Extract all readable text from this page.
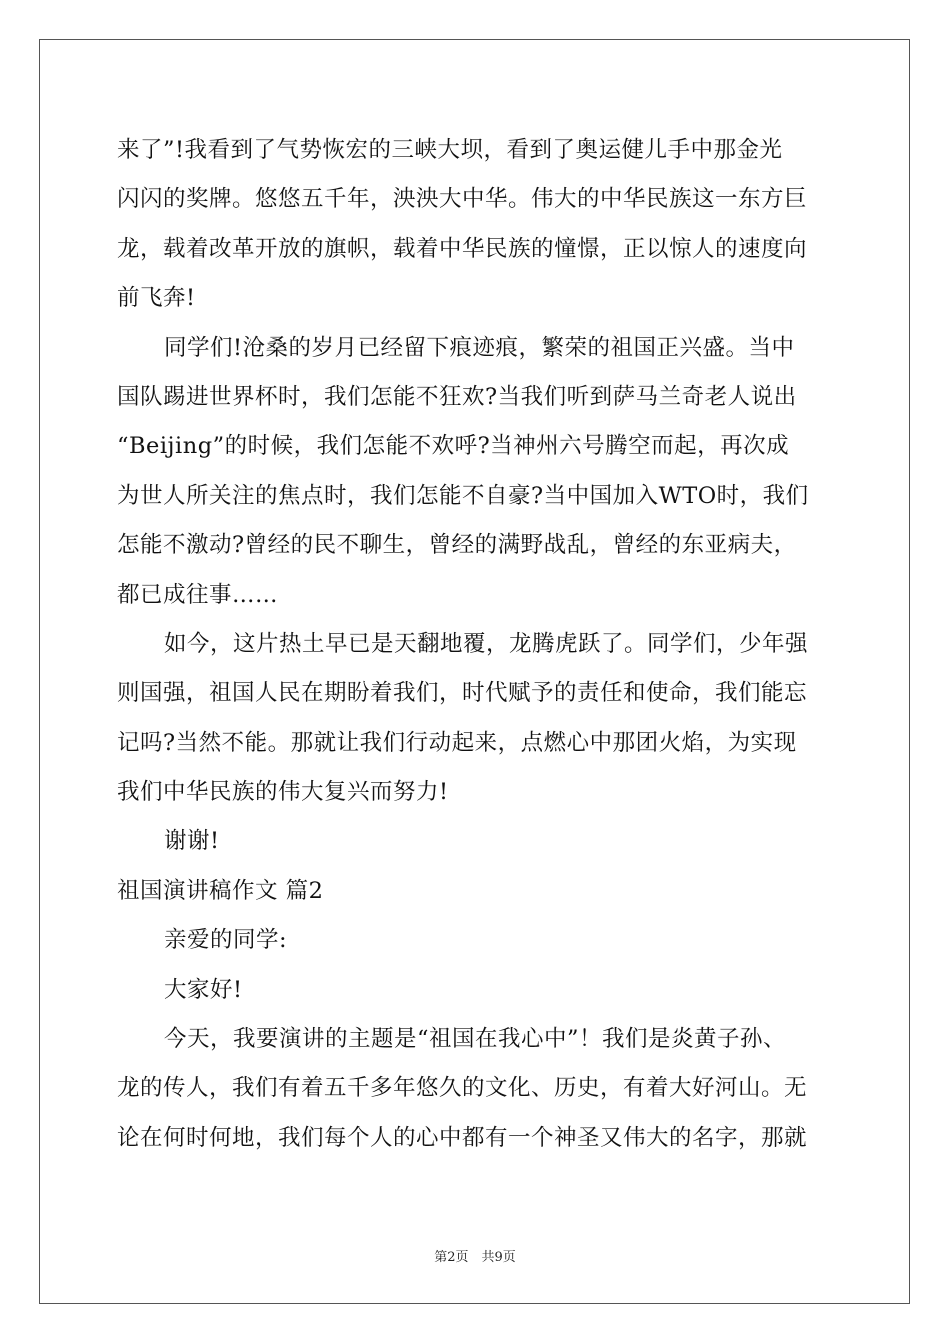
来了”!我看到了气势恢宏的三峡大坝，看到了奥运健儿手中那金光
闪闪的奖牌。悠悠五千年，泱泱大中华。伟大的中华民族这一东方巨
龙，载着改革开放的旗帜，载着中华民族的憧憬，正以惊人的速度向
前飞奔!
同学们!沧桑的岁月已经留下痕迹痕，繁荣的祖国正兴盛。当中
国队踢进世界杯时，我们怎能不狂欢?当我们听到萨马兰奇老人说出
“Beijing”的时候，我们怎能不欢呼?当神州六号腾空而起，再次成
为世人所关注的焦点时，我们怎能不自豪?当中国加入WTO时，我们
怎能不激动?曾经的民不聊生，曾经的满野战乱，曾经的东亚病夫，
都已成往事……
如今，这片热土早已是天翻地覆，龙腾虎跃了。同学们，少年强
则国强，祖国人民在期盼着我们，时代赋予的责任和使命，我们能忘
记吗?当然不能。那就让我们行动起来，点燃心中那团火焰，为实现
我们中华民族的伟大复兴而努力!
谢谢!
祖国演讲稿作文 篇2
亲爱的同学:
大家好!
今天，我要演讲的主题是“祖国在我心中”！我们是炎黄子孙、
龙的传人，我们有着五千多年悠久的文化、历史，有着大好河山。无
论在何时何地，我们每个人的心中都有一个神圣又伟大的名字，那就
第2页　共9页
